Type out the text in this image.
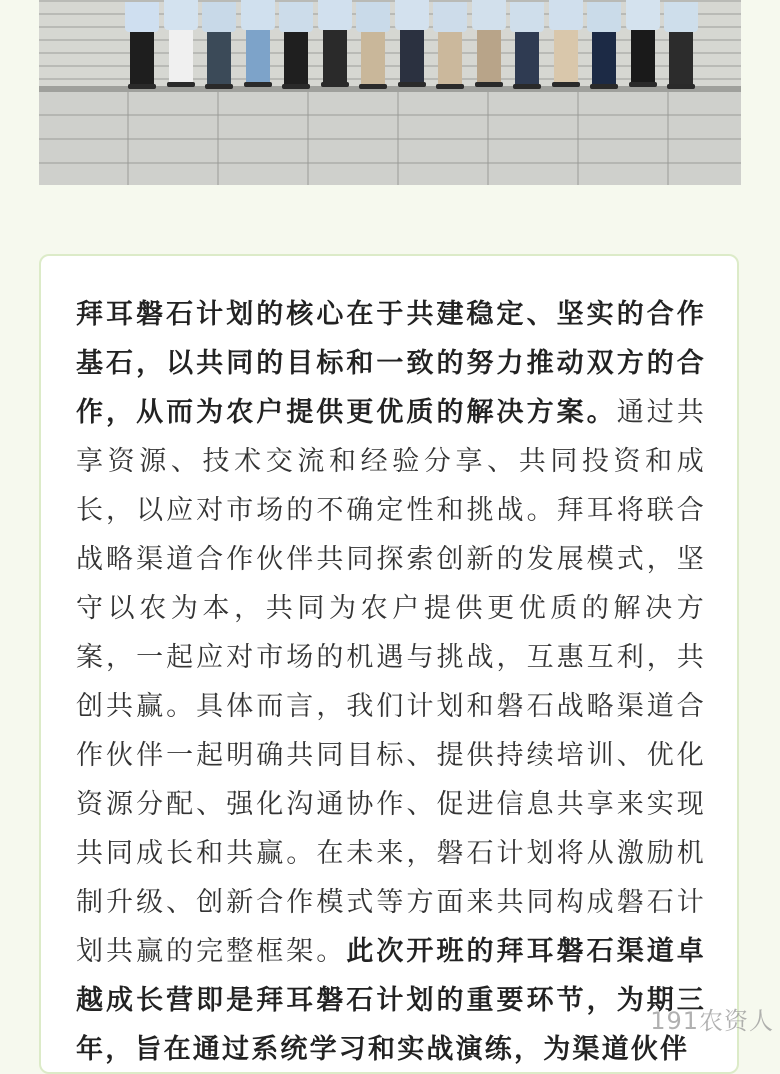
拜耳磐石计划的核心在于共建稳定、坚实的合作基石，以共同的目标和一致的努力推动双方的合作，从而为农户提供更优质的解决方案。通过共享资源、技术交流和经验分享、共同投资和成长，以应对市场的不确定性和挑战。拜耳将联合战略渠道合作伙伴共同探索创新的发展模式，坚守以农为本，共同为农户提供更优质的解决方案，一起应对市场的机遇与挑战，互惠互利，共创共赢。具体而言，我们计划和磐石战略渠道合作伙伴一起明确共同目标、提供持续培训、优化资源分配、强化沟通协作、促进信息共享来实现共同成长和共赢。在未来，磐石计划将从激励机制升级、创新合作模式等方面来共同构成磐石计划共赢的完整框架。此次开班的拜耳磐石渠道卓越成长营即是拜耳磐石计划的重要环节，为期三年，旨在通过系统学习和实战演练，为渠道伙伴

191农资人
